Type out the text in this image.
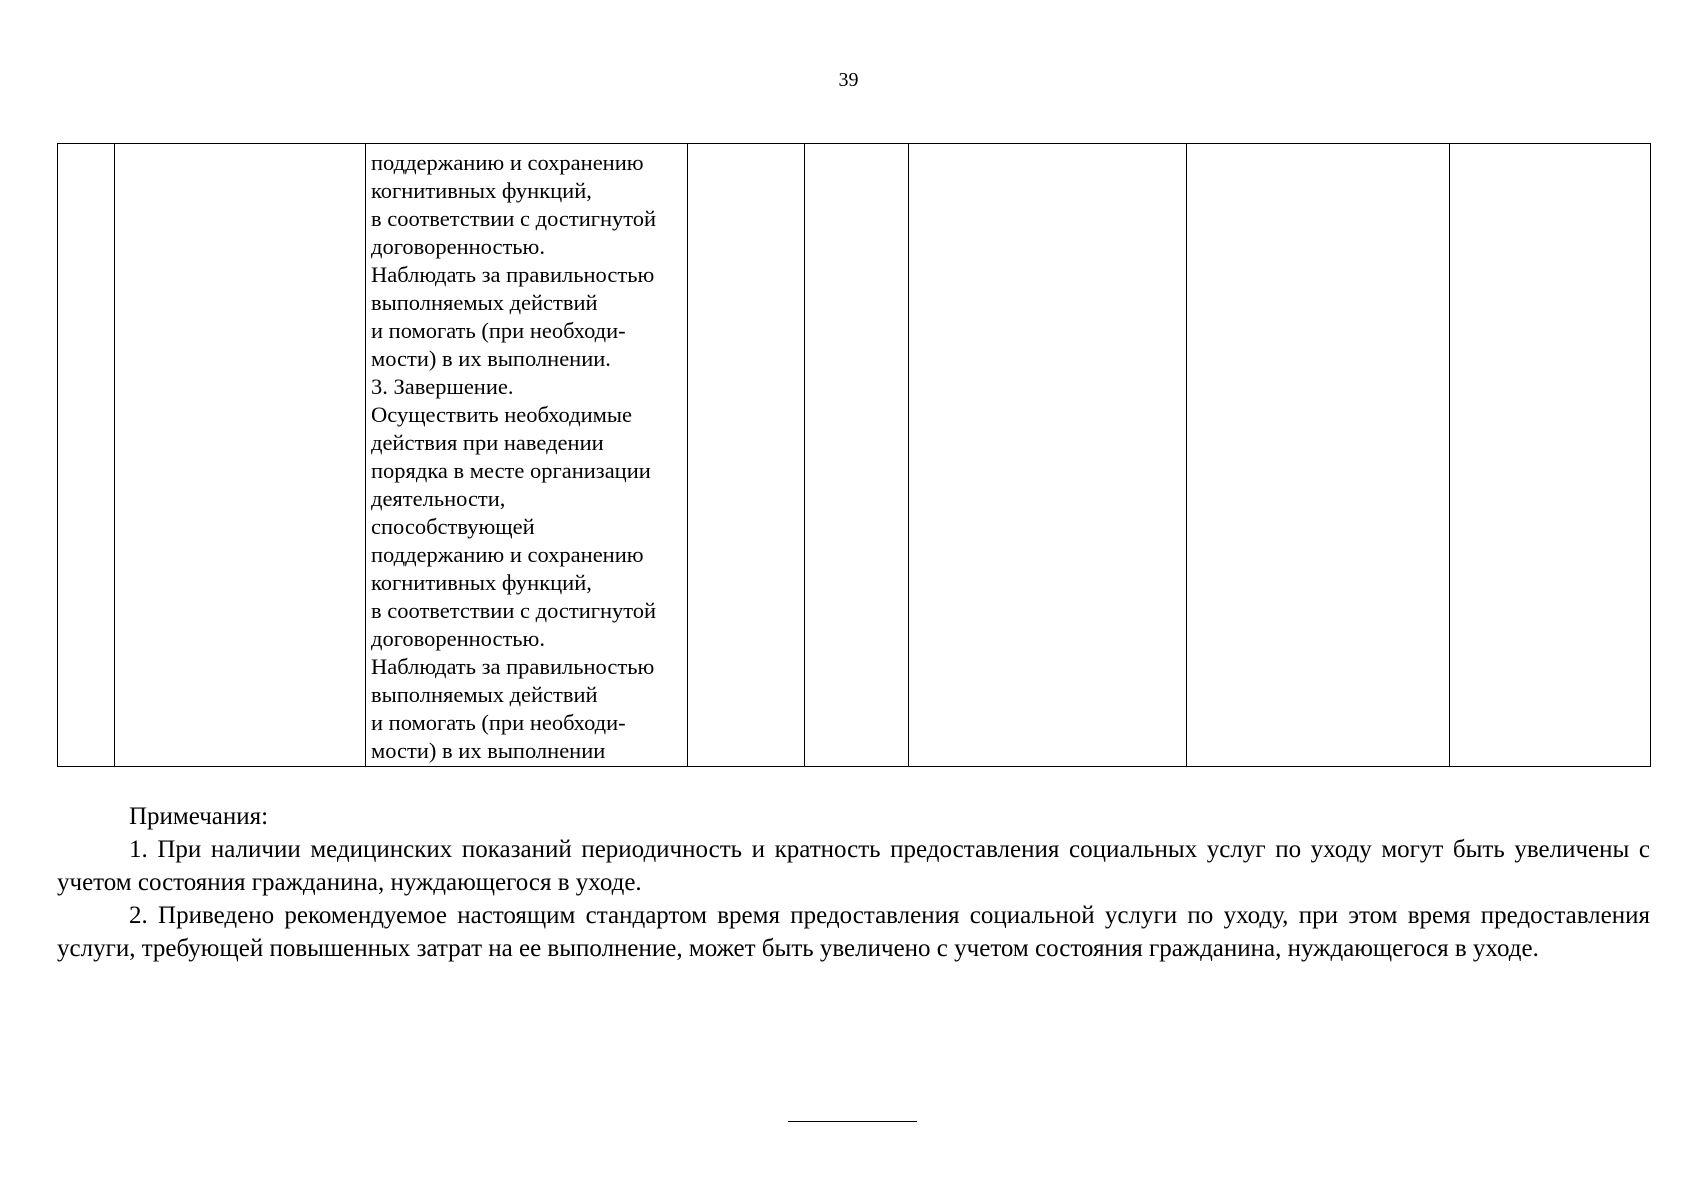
39

поддержанию и сохранению
когнитивных функций,
в соответствии с достигнутой
договоренностью.
Наблюдать за правильностью
выполняемых действий
и помогать (при необходи-
мости) в их выполнении.
3. Завершение.
Осуществить необходимые
действия при наведении
порядка в месте организации
деятельности,
способствующей
поддержанию и сохранению
когнитивных функций,
в соответствии с достигнутой
договоренностью.
Наблюдать за правильностью
выполняемых действий
и помогать (при необходи-
мости) в их выполнении

Примечания:

1. При наличии медицинских показаний периодичность и кратность предоставления социальных услуг по уходу могут быть увеличены с учетом состояния гражданина, нуждающегося в уходе.

2. Приведено рекомендуемое настоящим стандартом время предоставления социальной услуги по уходу, при этом время предоставления услуги, требующей повышенных затрат на ее выполнение, может быть увеличено с учетом состояния гражданина, нуждающегося в уходе.
